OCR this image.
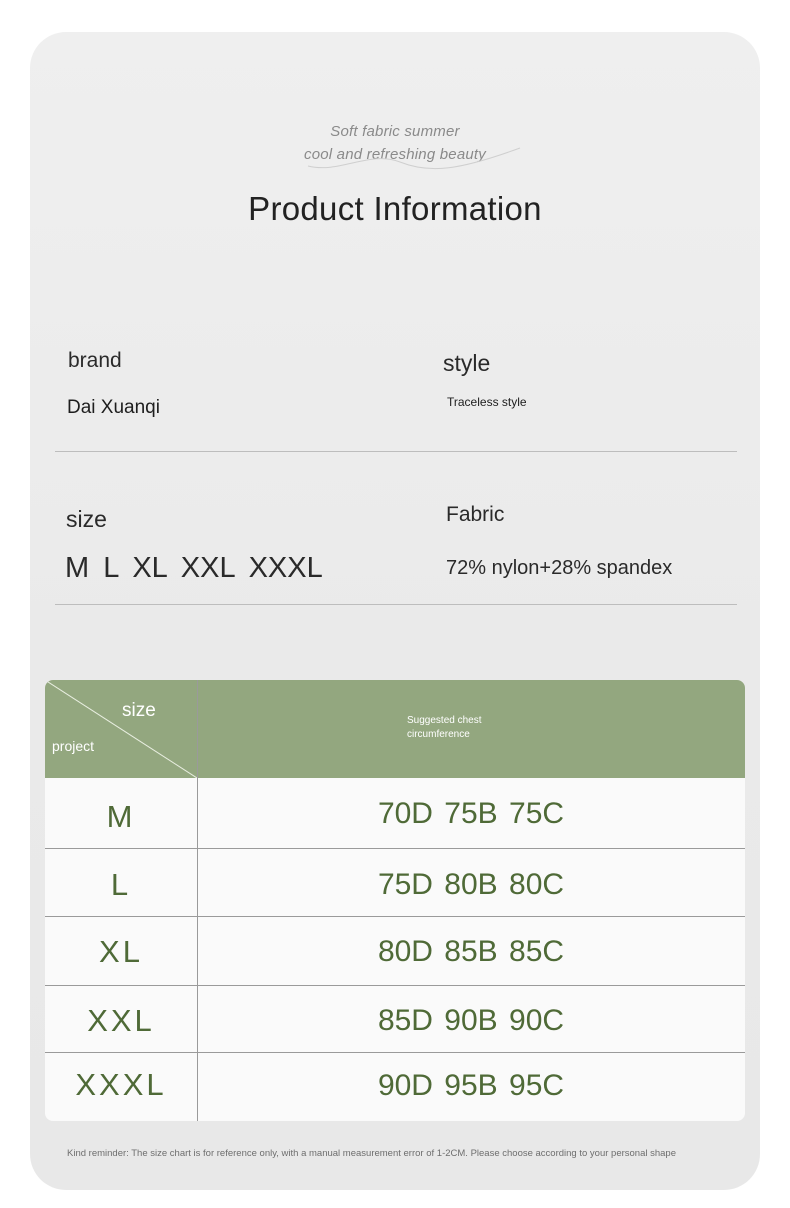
Soft fabric summer
cool and refreshing beauty
Product Information
brand
Dai Xuanqi
style
Traceless style
size
M L XL XXL XXXL
Fabric
72% nylon+28% spandex
size
project
Suggested chest circumference
M	70D 75B 75C
L	75D 80B 80C
XL	80D 85B 85C
XXL	85D 90B 90C
XXXL	90D 95B 95C
Kind reminder: The size chart is for reference only, with a manual measurement error of 1-2CM. Please choose according to your personal shape
